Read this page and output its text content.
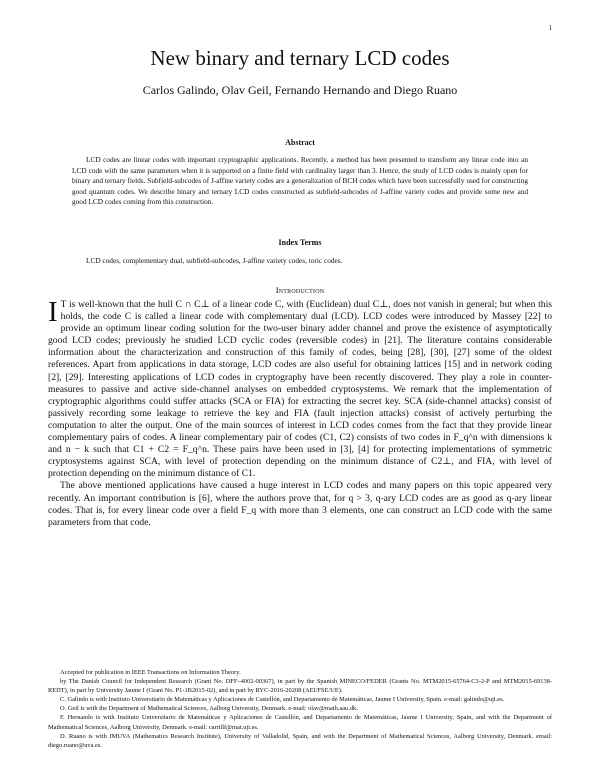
1
New binary and ternary LCD codes
Carlos Galindo, Olav Geil, Fernando Hernando and Diego Ruano
Abstract

LCD codes are linear codes with important cryptographic applications. Recently, a method has been presented to transform any linear code into an LCD code with the same parameters when it is supported on a finite field with cardinality larger than 3. Hence, the study of LCD codes is mainly open for binary and ternary fields. Subfield-subcodes of J-affine variety codes are a generalization of BCH codes which have been successfully used for constructing good quantum codes. We describe binary and ternary LCD codes constructed as subfield-subcodes of J-affine variety codes and provide some new and good LCD codes coming from this construction.

Index Terms
LCD codes, complementary dual, subfield-subcodes, J-affine variety codes, toric codes.
Introduction

I T is well-known that the hull C ∩ C⊥ of a linear code C, with (Euclidean) dual C⊥, does not vanish in general; but when this holds, the code C is called a linear code with complementary dual (LCD). LCD codes were introduced by Massey [22] to provide an optimum linear coding solution for the two-user binary adder channel and prove the existence of asymptotically good LCD codes; previously he studied LCD cyclic codes (reversible codes) in [21]. The literature contains considerable information about the characterization and construction of this family of codes, being [28], [30], [27] some of the oldest references. Apart from applications in data storage, LCD codes are also useful for obtaining lattices [15] and in network coding [2], [29]. Interesting applications of LCD codes in cryptography have been recently discovered. They play a role in counter-measures to passive and active side-channel analyses on embedded cryptosystems. We remark that the implementation of cryptographic algorithms could suffer attacks (SCA or FIA) for extracting the secret key. SCA (side-channel attacks) consist of passively recording some leakage to retrieve the key and FIA (fault injection attacks) consist of actively perturbing the computation to alter the output. One of the main sources of interest in LCD codes comes from the fact that they provide linear complementary pairs of codes. A linear complementary pair of codes (C1, C2) consists of two codes in F_q^n with dimensions k and n − k such that C1 + C2 = F_q^n. These pairs have been used in [3], [4] for protecting implementations of symmetric cryptosystems against SCA, with level of protection depending on the minimum distance of C2⊥, and FIA, with level of protection depending on the minimum distance of C1.

The above mentioned applications have caused a huge interest in LCD codes and many papers on this topic appeared very recently. An important contribution is [6], where the authors prove that, for q > 3, q-ary LCD codes are as good as q-ary linear codes. That is, for every linear code over a field F_q with more than 3 elements, one can construct an LCD code with the same parameters from that code.

Accepted for publication in IEEE Transactions on Information Theory.

by The Danish Council for Independent Research (Grant No. DFF–4002-00367), in part by the Spanish MINECO/FEDER (Grants No. MTM2015-65764-C3-2-P and MTM2015-69138-REDT), in part by University Jaume I (Grant No. P1-1B2015-02), and in part by RYC-2016-20208 (AEI/FSE/UE).

C. Galindo is with Instituto Universitario de Matemáticas y Aplicaciones de Castellón, and Departamento de Matemáticas, Jaume I University, Spain. e-mail: galindo@uji.es.

O. Geil is with the Department of Mathematical Sciences, Aalborg University, Denmark. e-mail: olav@math.aau.dk.

F. Hernando is with Instituto Universitario de Matemáticas y Aplicaciones de Castellón, and Departamento de Matemáticas, Jaume I University, Spain, and with the Department of Mathematical Sciences, Aalborg University, Denmark. e-mail: carrillf@mat.uji.es.

D. Ruano is with IMUVA (Mathematics Research Institute), University of Valladolid, Spain, and with the Department of Mathematical Sciences, Aalborg University, Denmark. email: diego.ruano@uva.es.
